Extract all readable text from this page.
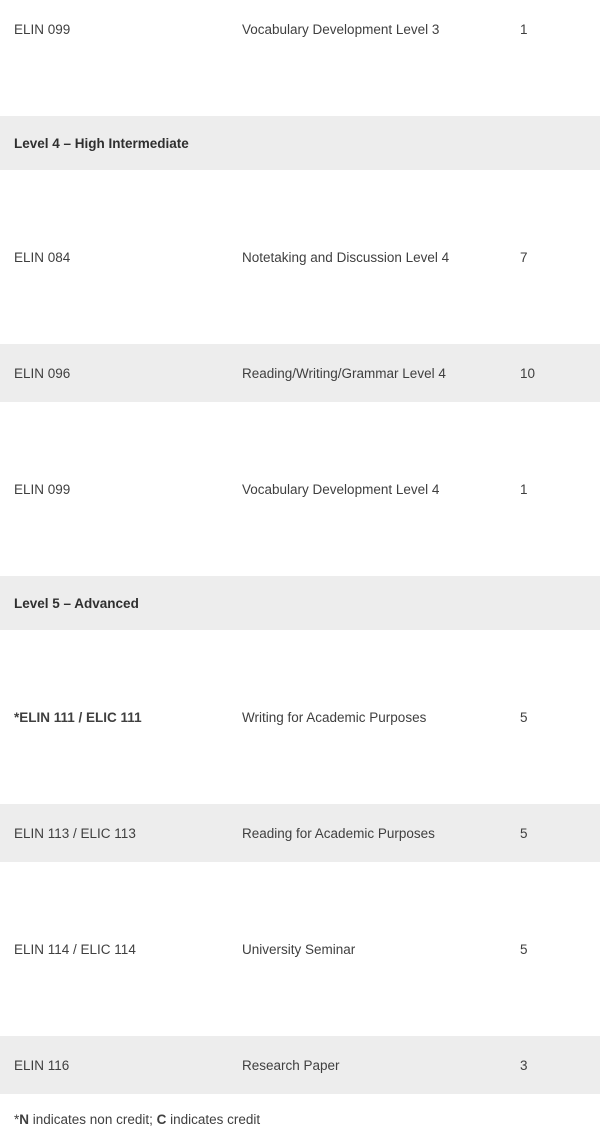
ELIN 099	Vocabulary Development Level 3	1

Level 4 – High Intermediate		

ELIN 084	Notetaking and Discussion Level 4	7

ELIN 096	Reading/Writing/Grammar Level 4	10

ELIN 099	Vocabulary Development Level 4	1

Level 5 – Advanced		

*ELIN 111 / ELIC 111	Writing for Academic Purposes	5

ELIN 113 / ELIC 113	Reading for Academic Purposes	5

ELIN 114 / ELIC 114	University Seminar	5

ELIN 116	Research Paper	3
*N indicates non credit; C indicates credit
